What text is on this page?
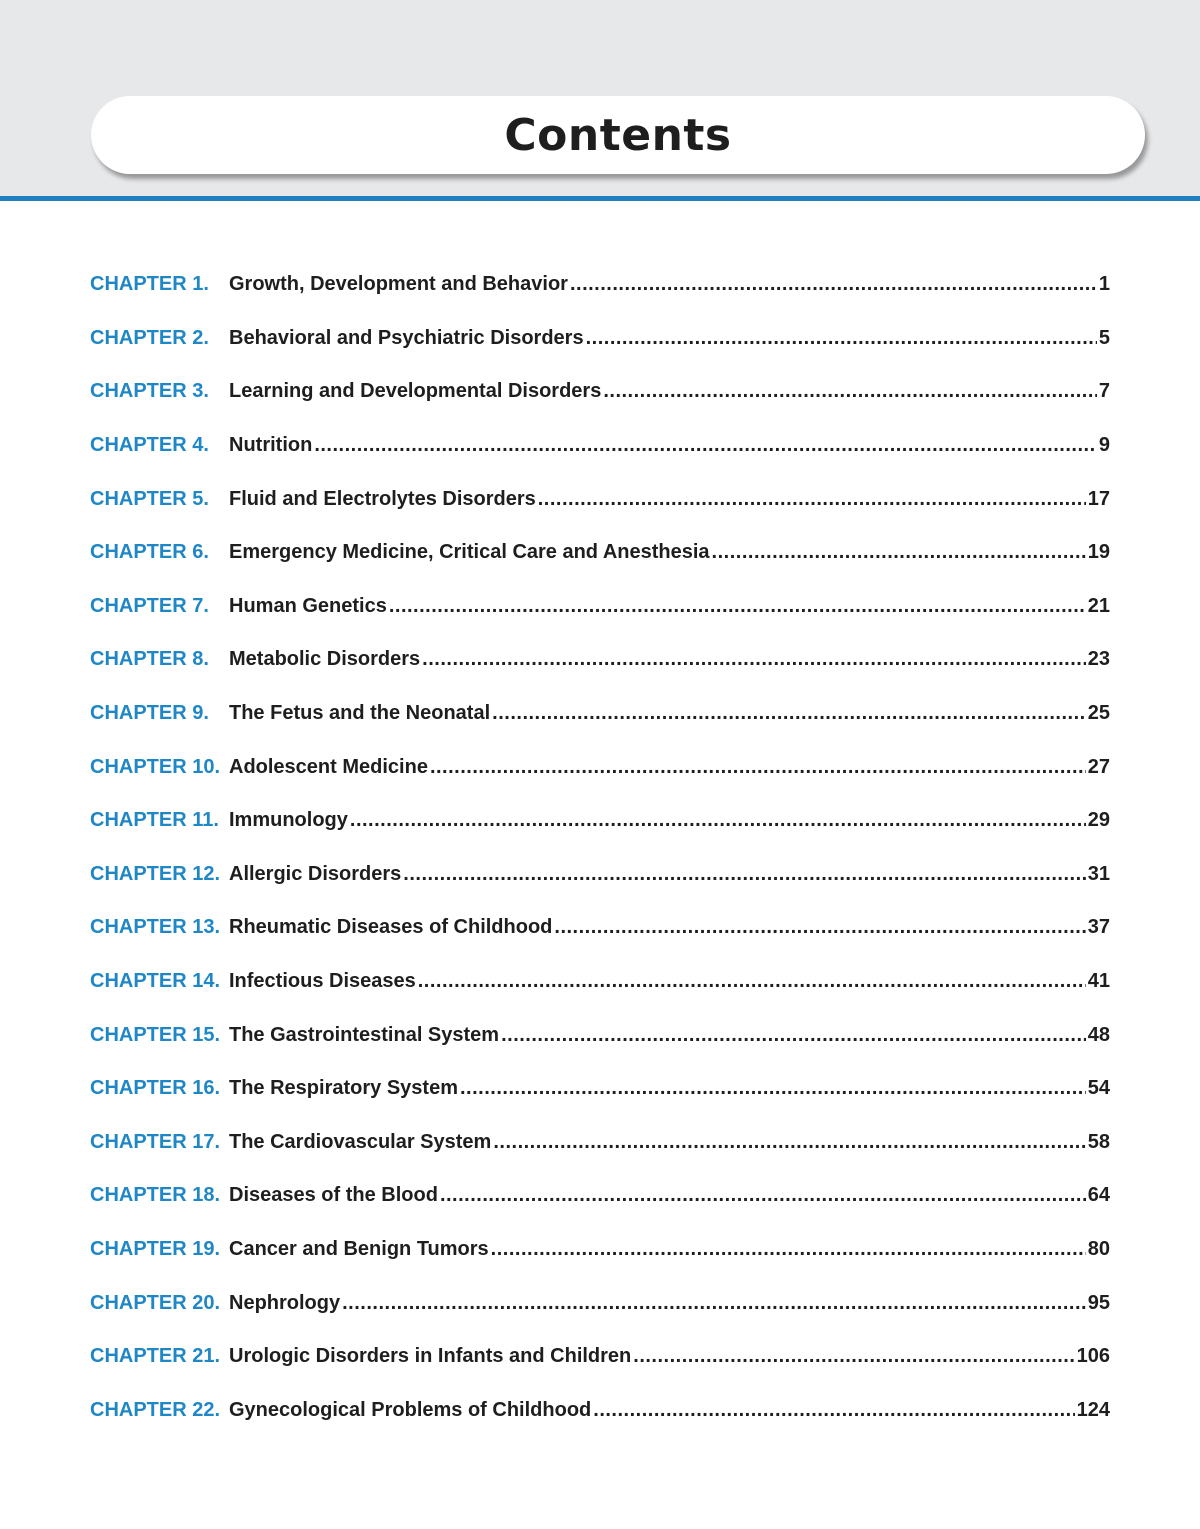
Contents
CHAPTER 1.	Growth, Development and Behavior .....	1
CHAPTER 2.	Behavioral and Psychiatric Disorders .....	5
CHAPTER 3.	Learning and Developmental Disorders .....	7
CHAPTER 4.	Nutrition .....	9
CHAPTER 5.	Fluid and Electrolytes Disorders .....	17
CHAPTER 6.	Emergency Medicine, Critical Care and Anesthesia .....	19
CHAPTER 7.	Human Genetics .....	21
CHAPTER 8.	Metabolic Disorders .....	23
CHAPTER 9.	The Fetus and the Neonatal .....	25
CHAPTER 10. Adolescent Medicine .....	27
CHAPTER 11. Immunology .....	29
CHAPTER 12. Allergic Disorders .....	31
CHAPTER 13. Rheumatic Diseases of Childhood .....	37
CHAPTER 14. Infectious Diseases .....	41
CHAPTER 15. The Gastrointestinal System .....	48
CHAPTER 16. The Respiratory System .....	54
CHAPTER 17. The Cardiovascular System .....	58
CHAPTER 18. Diseases of the Blood .....	64
CHAPTER 19. Cancer and Benign Tumors .....	80
CHAPTER 20. Nephrology .....	95
CHAPTER 21. Urologic Disorders in Infants and Children .....	106
CHAPTER 22. Gynecological Problems of Childhood .....	124
